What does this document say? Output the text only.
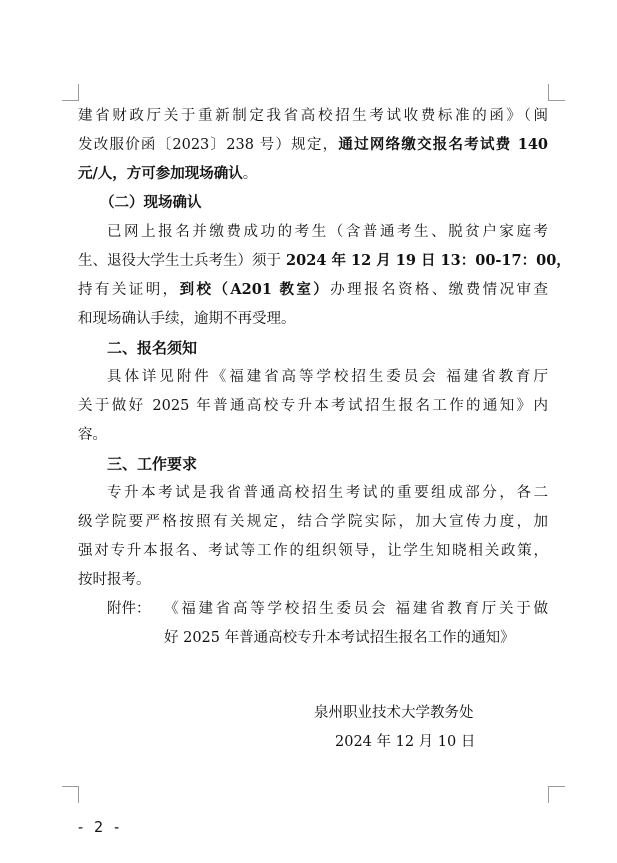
建省财政厅关于重新制定我省高校招生考试收费标准的函》（闽
发改服价函〔2023〕238 号）规定，通过网络缴交报名考试费 140
元/人，方可参加现场确认。
（二）现场确认
已网上报名并缴费成功的考生（含普通考生、脱贫户家庭考
生、退役大学生士兵考生）须于 2024 年 12 月 19 日 13：00-17：00，
持有关证明，到校（A201 教室）办理报名资格、缴费情况审查
和现场确认手续，逾期不再受理。
二、报名须知
具体详见附件《福建省高等学校招生委员会 福建省教育厅
关于做好 2025 年普通高校专升本考试招生报名工作的通知》内
容。
三、工作要求
专升本考试是我省普通高校招生考试的重要组成部分，各二
级学院要严格按照有关规定，结合学院实际，加大宣传力度，加
强对专升本报名、考试等工作的组织领导，让学生知晓相关政策，
按时报考。
附件： 《福建省高等学校招生委员会 福建省教育厅关于做
好 2025 年普通高校专升本考试招生报名工作的通知》
泉州职业技术大学教务处
2024 年 12 月 10 日
- 2 -
